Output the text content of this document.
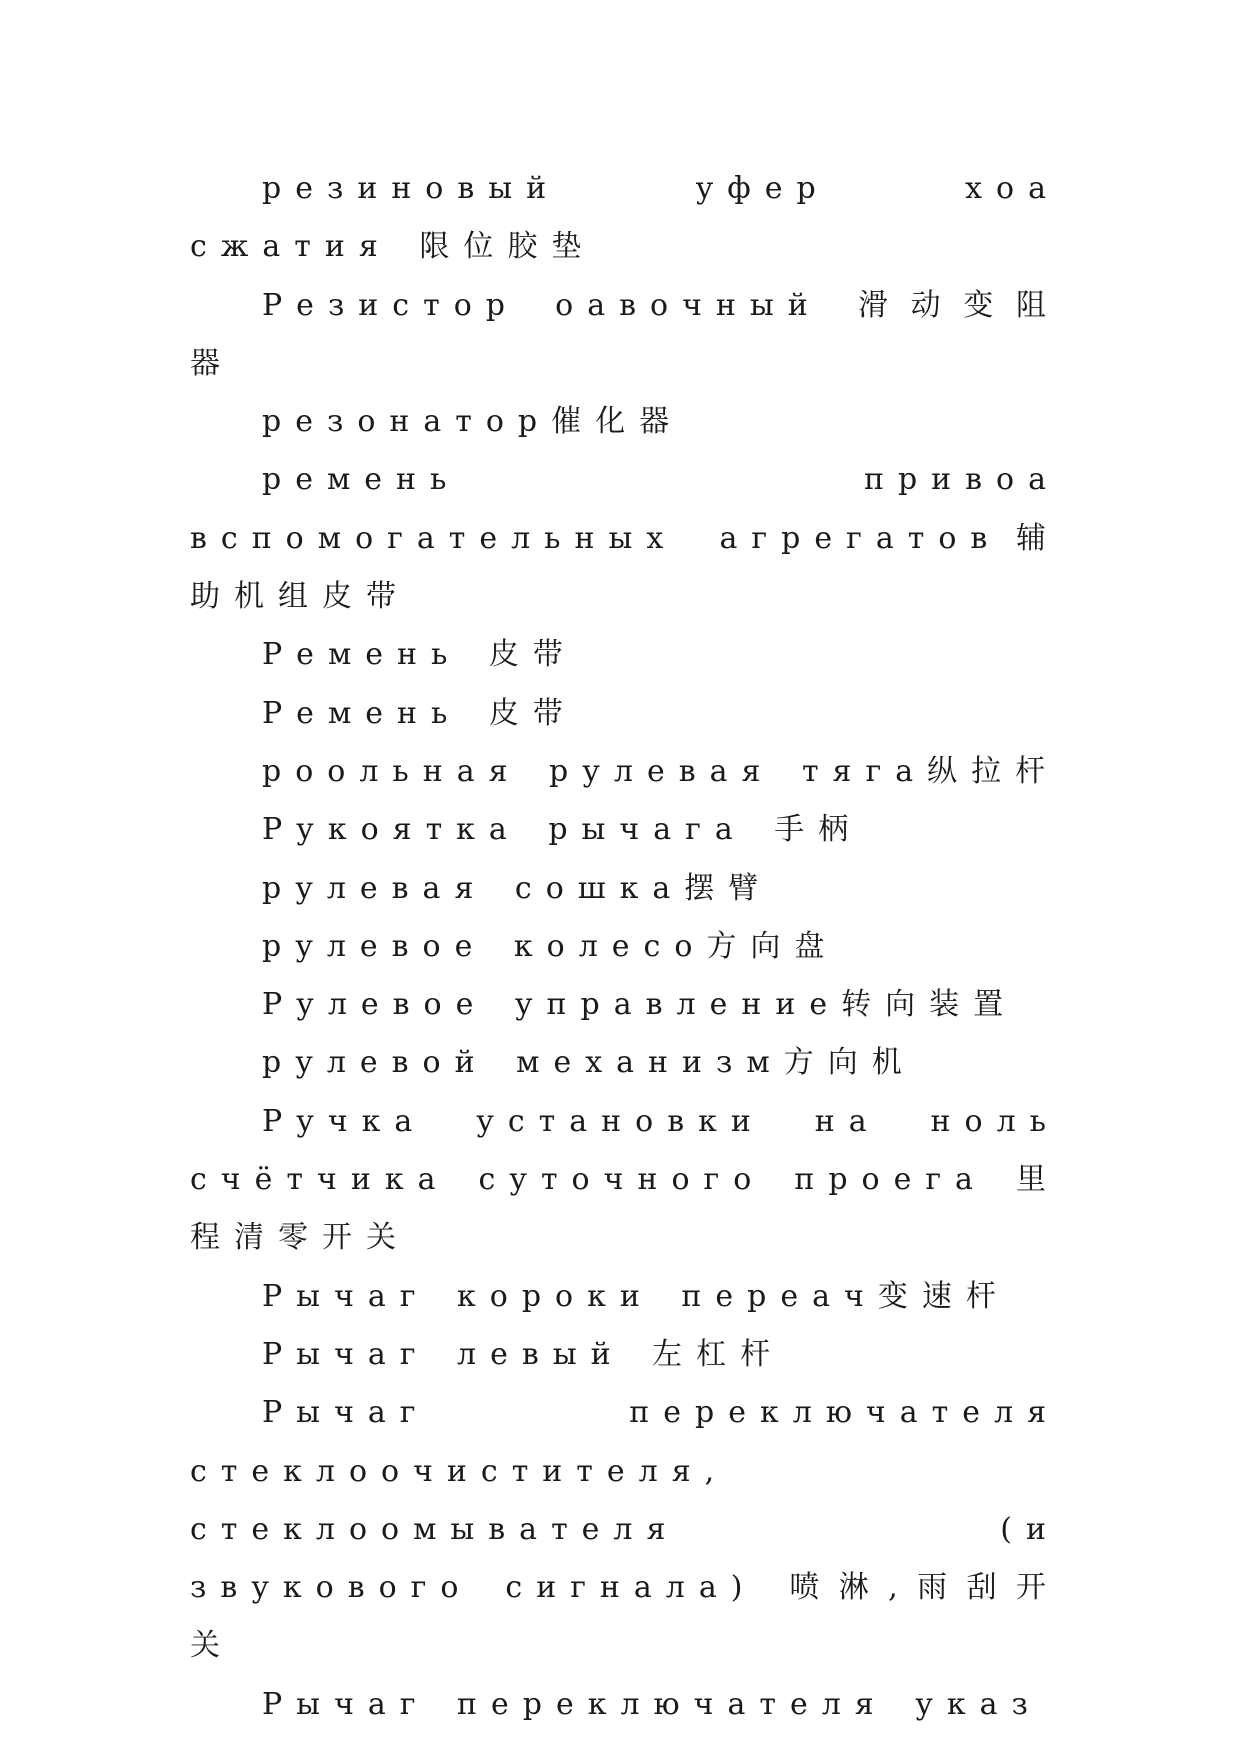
резиновый уфер хоа сжатия 限位胶垫

Резистор оавочный 滑动变阻器

резонатор催化器

ремень привоа вспомогательных агрегатов辅助机组皮带

Ремень 皮带

Ремень 皮带

роольная рулевая тяга纵拉杆

Рукоятка рычага 手柄

рулевая сошка摆臂

рулевое колесо方向盘

Рулевое управление转向装置

рулевой механизм方向机

Ручка установки на ноль счётчика суточного проега 里程清零开关

Рычаг короки переач变速杆

Рычаг левый 左杠杆

Рычаг переключателя стеклоочистителя, стеклоомывателя (и звукового сигнала) 喷淋,雨刮开关

Рычаг переключателя указ
